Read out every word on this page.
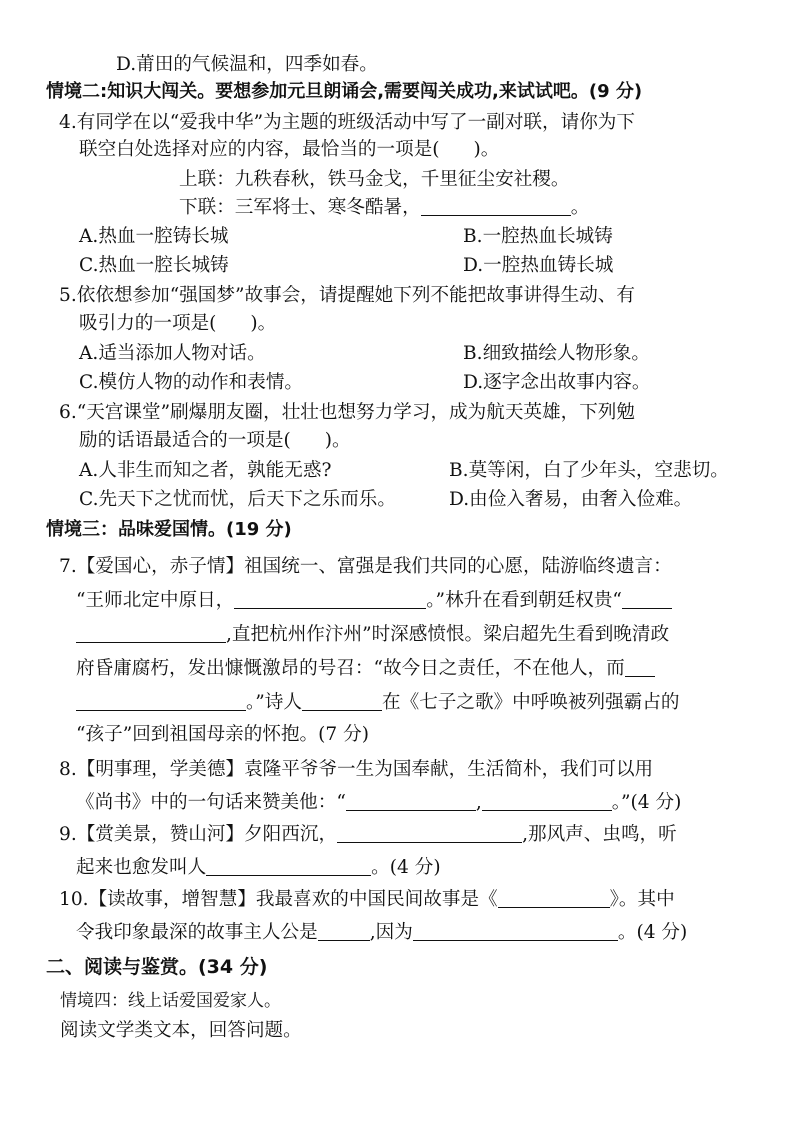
D.莆田的气候温和，四季如春。
情境二:知识大闯关。要想参加元旦朗诵会,需要闯关成功,来试试吧。(9 分)
4.有同学在以“爱我中华”为主题的班级活动中写了一副对联，请你为下
联空白处选择对应的内容，最恰当的一项是( )。
上联：九秩春秋，铁马金戈，千里征尘安社稷。
下联：三军将士、寒冬酷暑，	。
A.热血一腔铸长城	B.一腔热血长城铸
C.热血一腔长城铸	D.一腔热血铸长城
5.依依想参加“强国梦”故事会，请提醒她下列不能把故事讲得生动、有
吸引力的一项是( )。
A.适当添加人物对话。	B.细致描绘人物形象。
C.模仿人物的动作和表情。	D.逐字念出故事内容。
6.“天宫课堂”刷爆朋友圈，壮壮也想努力学习，成为航天英雄，下列勉
励的话语最适合的一项是( )。
A.人非生而知之者，孰能无惑?	B.莫等闲，白了少年头，空悲切。
C.先天下之忧而忧，后天下之乐而乐。	D.由俭入奢易，由奢入俭难。
情境三：品味爱国情。(19 分)
7.【爱国心，赤子情】祖国统一、富强是我们共同的心愿，陆游临终遗言：
“王师北定中原日，	。”林升在看到朝廷权贵“
,直把杭州作汴州”时深感愤恨。梁启超先生看到晚清政
府昏庸腐朽，发出慷慨激昂的号召：“故今日之责任，不在他人，而
。”诗人	在《七子之歌》中呼唤被列强霸占的
“孩子”回到祖国母亲的怀抱。(7 分)
8.【明事理，学美德】袁隆平爷爷一生为国奉献，生活简朴，我们可以用
《尚书》中的一句话来赞美他：“	,	。”(4 分)
9.【赏美景，赞山河】夕阳西沉，	,那风声、虫鸣，听
起来也愈发叫人	。(4 分)
10.【读故事，增智慧】我最喜欢的中国民间故事是《	》。其中
令我印象最深的故事主人公是	,因为	。(4 分)
二、阅读与鉴赏。(34 分)
情境四：线上话爱国爱家人。
阅读文学类文本，回答问题。
